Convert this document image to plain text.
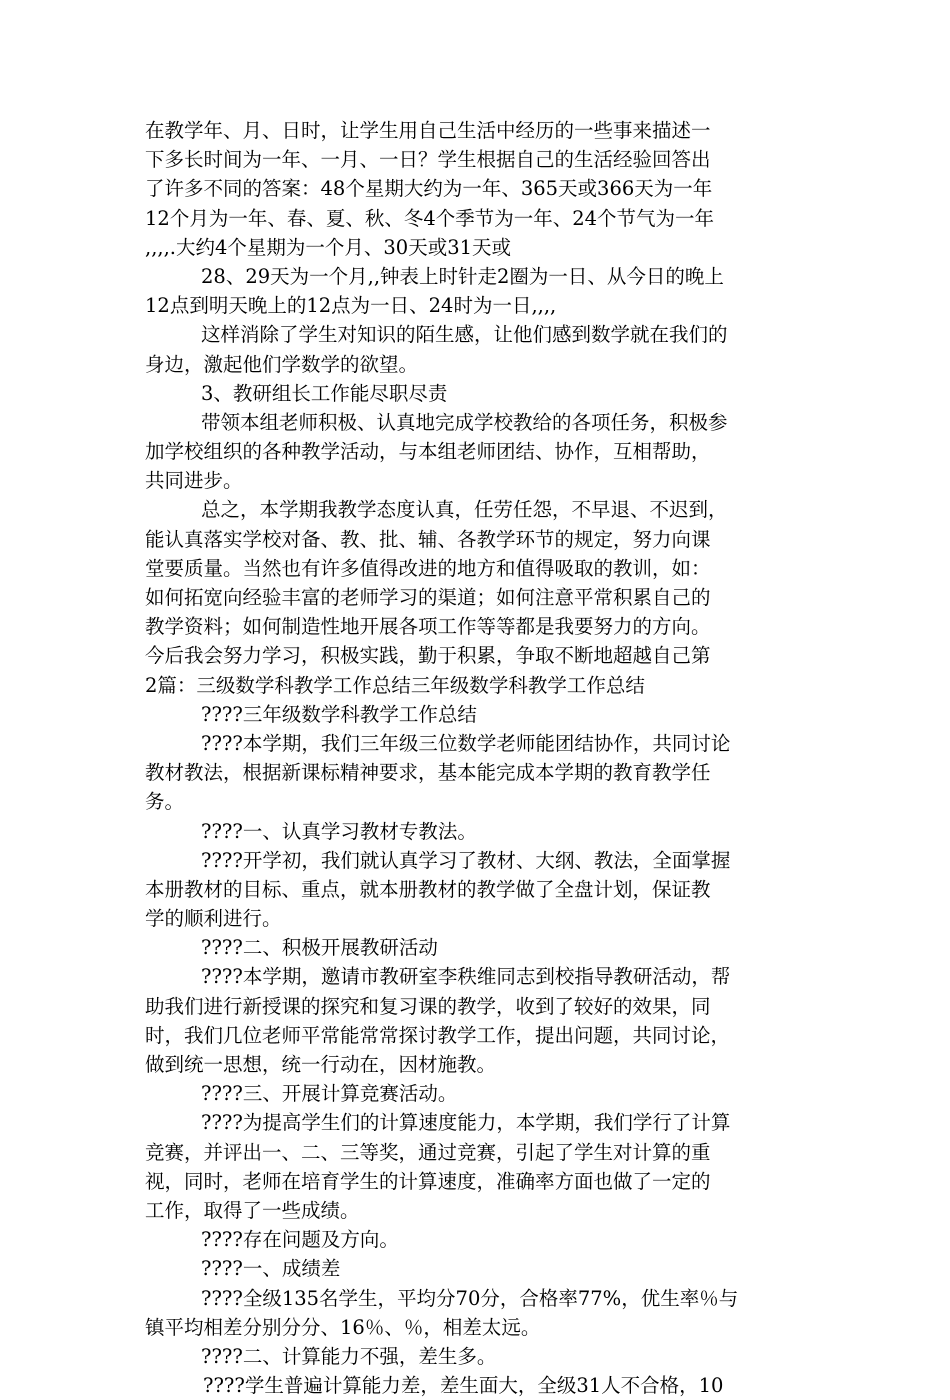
在教学年、月、日时，让学生用自己生活中经历的一些事来描述一
下多长时间为一年、一月、一日？学生根据自己的生活经验回答出
了许多不同的答案：48个星期大约为一年、365天或366天为一年
12个月为一年、春、夏、秋、冬4个季节为一年、24个节气为一年
,,,,.大约4个星期为一个月、30天或31天或
28、29天为一个月,,钟表上时针走2圈为一日、从今日的晚上
12点到明天晚上的12点为一日、24时为一日,,,,
这样消除了学生对知识的陌生感，让他们感到数学就在我们的
身边，激起他们学数学的欲望。
3、教研组长工作能尽职尽责
带领本组老师积极、认真地完成学校教给的各项任务，积极参
加学校组织的各种教学活动，与本组老师团结、协作，互相帮助，
共同进步。
总之，本学期我教学态度认真，任劳任怨，不早退、不迟到，
能认真落实学校对备、教、批、辅、各教学环节的规定，努力向课
堂要质量。当然也有许多值得改进的地方和值得吸取的教训，如：
如何拓宽向经验丰富的老师学习的渠道；如何注意平常积累自己的
教学资料；如何制造性地开展各项工作等等都是我要努力的方向。
今后我会努力学习，积极实践，勤于积累，争取不断地超越自己第
2篇：三级数学科教学工作总结三年级数学科教学工作总结
????三年级数学科教学工作总结
????本学期，我们三年级三位数学老师能团结协作，共同讨论
教材教法，根据新课标精神要求，基本能完成本学期的教育教学任
务。
????一、认真学习教材专教法。
????开学初，我们就认真学习了教材、大纲、教法，全面掌握
本册教材的目标、重点，就本册教材的教学做了全盘计划，保证教
学的顺利进行。
????二、积极开展教研活动
????本学期，邀请市教研室李秩维同志到校指导教研活动，帮
助我们进行新授课的探究和复习课的教学，收到了较好的效果，同
时，我们几位老师平常能常常探讨教学工作，提出问题，共同讨论，
做到统一思想，统一行动在，因材施教。
????三、开展计算竞赛活动。
????为提高学生们的计算速度能力，本学期，我们学行了计算
竞赛，并评出一、二、三等奖，通过竞赛，引起了学生对计算的重
视，同时，老师在培育学生的计算速度，准确率方面也做了一定的
工作，取得了一些成绩。
????存在问题及方向。
????一、成绩差
????全级135名学生，平均分70分，合格率77%，优生率％与
镇平均相差分别分分、16％、％，相差太远。
????二、计算能力不强，差生多。
????学生普遍计算能力差，差生面大，全级31人不合格，10
